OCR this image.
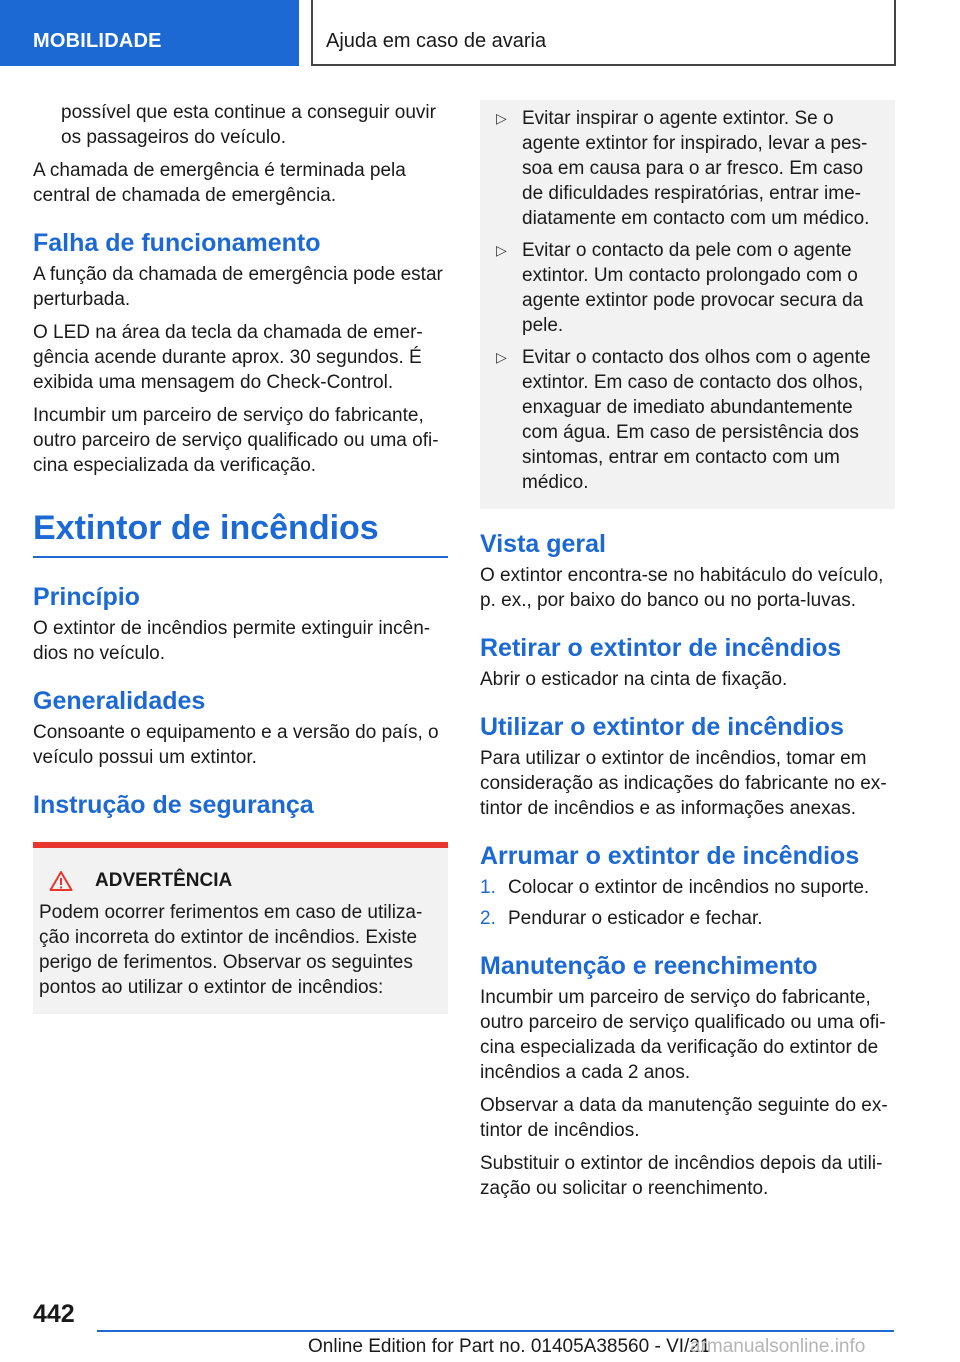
MOBILIDADE	Ajuda em caso de avaria

possível que esta continue a conseguir ouvir os passageiros do veículo.

A chamada de emergência é terminada pela central de chamada de emergência.

Falha de funcionamento

A função da chamada de emergência pode estar perturbada.

O LED na área da tecla da chamada de emergência acende durante aprox. 30 segundos. É exibida uma mensagem do Check-Control.

Incumbir um parceiro de serviço do fabricante, outro parceiro de serviço qualificado ou uma oficina especializada da verificação.

Extintor de incêndios
Princípio

O extintor de incêndios permite extinguir incêndios no veículo.

Generalidades

Consoante o equipamento e a versão do país, o veículo possui um extintor.

Instrução de segurança
ADVERTÊNCIA

Podem ocorrer ferimentos em caso de utilização incorreta do extintor de incêndios. Existe perigo de ferimentos. Observar os seguintes pontos ao utilizar o extintor de incêndios:

▷ Evitar inspirar o agente extintor. Se o agente extintor for inspirado, levar a pessoa em causa para o ar fresco. Em caso de dificuldades respiratórias, entrar imediatamente em contacto com um médico.

▷ Evitar o contacto da pele com o agente extintor. Um contacto prolongado com o agente extintor pode provocar secura da pele.

▷ Evitar o contacto dos olhos com o agente extintor. Em caso de contacto dos olhos, enxaguar de imediato abundantemente com água. Em caso de persistência dos sintomas, entrar em contacto com um médico.

Vista geral

O extintor encontra-se no habitáculo do veículo, p. ex., por baixo do banco ou no porta-luvas.

Retirar o extintor de incêndios

Abrir o esticador na cinta de fixação.

Utilizar o extintor de incêndios

Para utilizar o extintor de incêndios, tomar em consideração as indicações do fabricante no extintor de incêndios e as informações anexas.

Arrumar o extintor de incêndios
1. Colocar o extintor de incêndios no suporte.

2. Pendurar o esticador e fechar.

Manutenção e reenchimento

Incumbir um parceiro de serviço do fabricante, outro parceiro de serviço qualificado ou uma oficina especializada da verificação do extintor de incêndios a cada 2 anos.

Observar a data da manutenção seguinte do extintor de incêndios.

Substituir o extintor de incêndios depois da utilização ou solicitar o reenchimento.

442
Online Edition for Part no. 01405A38560 - VI/21
armanualsonline.info
